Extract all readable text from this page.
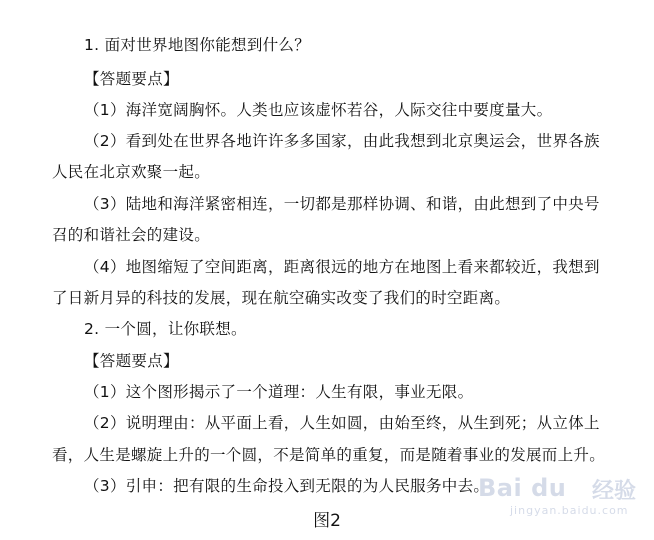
1. 面对世界地图你能想到什么？
【答题要点】
（1）海洋宽阔胸怀。人类也应该虚怀若谷，人际交往中要度量大。
（2）看到处在世界各地许许多多国家，由此我想到北京奥运会，世界各族
人民在北京欢聚一起。
（3）陆地和海洋紧密相连，一切都是那样协调、和谐，由此想到了中央号
召的和谐社会的建设。
（4）地图缩短了空间距离，距离很远的地方在地图上看来都较近，我想到
了日新月异的科技的发展，现在航空确实改变了我们的时空距离。
2. 一个圆，让你联想。
【答题要点】
（1）这个图形揭示了一个道理：人生有限，事业无限。
（2）说明理由：从平面上看，人生如圆，由始至终，从生到死；从立体上
看，人生是螺旋上升的一个圆，不是简单的重复，而是随着事业的发展而上升。
（3）引申：把有限的生命投入到无限的为人民服务中去。
图2
Bai du 经验
jingyan.baidu.com
